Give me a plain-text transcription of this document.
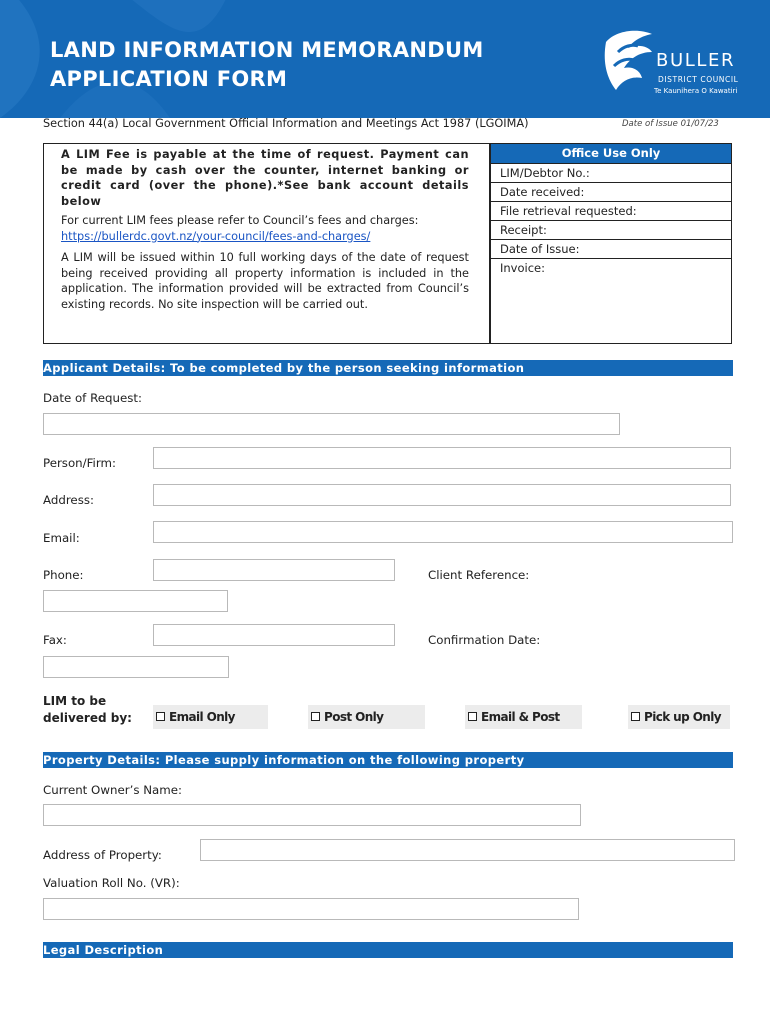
LAND INFORMATION MEMORANDUM
APPLICATION FORM
BULLER
DISTRICT COUNCIL
Te Kaunihera O Kawatiri
Section 44(a) Local Government Official Information and Meetings Act 1987 (LGOIMA)	Date of Issue 01/07/23
A LIM Fee is payable at the time of request. Payment can be made by cash over the counter, internet banking or credit card (over the phone).*See bank account details below
For current LIM fees please refer to Council’s fees and charges: https://bullerdc.govt.nz/your-council/fees-and-charges/
A LIM will be issued within 10 full working days of the date of request being received providing all property information is included in the application. The information provided will be extracted from Council’s existing records. No site inspection will be carried out.
Office Use Only
LIM/Debtor No.:
Date received:
File retrieval requested:
Receipt:
Date of Issue:
Invoice:
Applicant Details: To be completed by the person seeking information
Date of Request:
Person/Firm:
Address:
Email:
Phone:	Client Reference:
Fax:	Confirmation Date:
LIM to be delivered by:	Email Only	Post Only	Email & Post	Pick up Only
Property Details: Please supply information on the following property
Current Owner’s Name:
Address of Property:
Valuation Roll No. (VR):
Legal Description
